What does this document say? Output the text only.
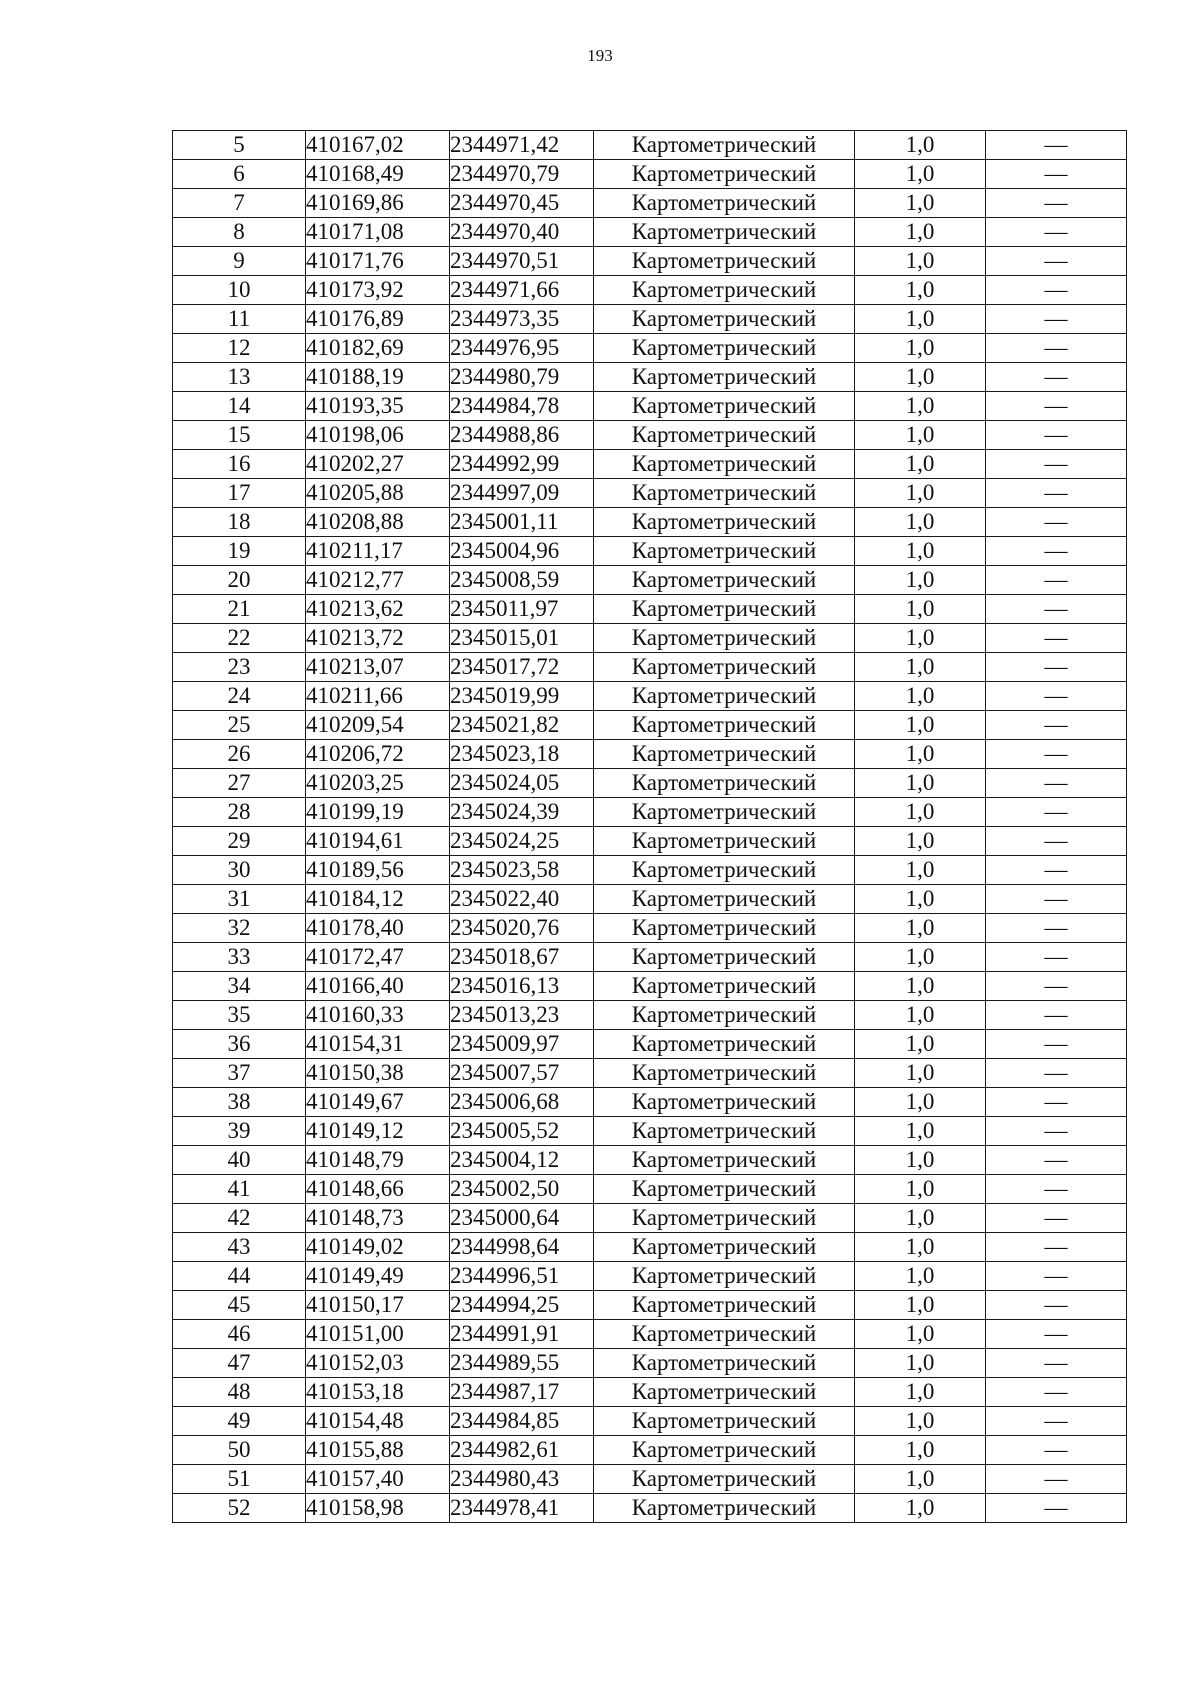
193
5	410167,02	2344971,42	Картометрический	1,0	—
6	410168,49	2344970,79	Картометрический	1,0	—
7	410169,86	2344970,45	Картометрический	1,0	—
8	410171,08	2344970,40	Картометрический	1,0	—
9	410171,76	2344970,51	Картометрический	1,0	—
10	410173,92	2344971,66	Картометрический	1,0	—
11	410176,89	2344973,35	Картометрический	1,0	—
12	410182,69	2344976,95	Картометрический	1,0	—
13	410188,19	2344980,79	Картометрический	1,0	—
14	410193,35	2344984,78	Картометрический	1,0	—
15	410198,06	2344988,86	Картометрический	1,0	—
16	410202,27	2344992,99	Картометрический	1,0	—
17	410205,88	2344997,09	Картометрический	1,0	—
18	410208,88	2345001,11	Картометрический	1,0	—
19	410211,17	2345004,96	Картометрический	1,0	—
20	410212,77	2345008,59	Картометрический	1,0	—
21	410213,62	2345011,97	Картометрический	1,0	—
22	410213,72	2345015,01	Картометрический	1,0	—
23	410213,07	2345017,72	Картометрический	1,0	—
24	410211,66	2345019,99	Картометрический	1,0	—
25	410209,54	2345021,82	Картометрический	1,0	—
26	410206,72	2345023,18	Картометрический	1,0	—
27	410203,25	2345024,05	Картометрический	1,0	—
28	410199,19	2345024,39	Картометрический	1,0	—
29	410194,61	2345024,25	Картометрический	1,0	—
30	410189,56	2345023,58	Картометрический	1,0	—
31	410184,12	2345022,40	Картометрический	1,0	—
32	410178,40	2345020,76	Картометрический	1,0	—
33	410172,47	2345018,67	Картометрический	1,0	—
34	410166,40	2345016,13	Картометрический	1,0	—
35	410160,33	2345013,23	Картометрический	1,0	—
36	410154,31	2345009,97	Картометрический	1,0	—
37	410150,38	2345007,57	Картометрический	1,0	—
38	410149,67	2345006,68	Картометрический	1,0	—
39	410149,12	2345005,52	Картометрический	1,0	—
40	410148,79	2345004,12	Картометрический	1,0	—
41	410148,66	2345002,50	Картометрический	1,0	—
42	410148,73	2345000,64	Картометрический	1,0	—
43	410149,02	2344998,64	Картометрический	1,0	—
44	410149,49	2344996,51	Картометрический	1,0	—
45	410150,17	2344994,25	Картометрический	1,0	—
46	410151,00	2344991,91	Картометрический	1,0	—
47	410152,03	2344989,55	Картометрический	1,0	—
48	410153,18	2344987,17	Картометрический	1,0	—
49	410154,48	2344984,85	Картометрический	1,0	—
50	410155,88	2344982,61	Картометрический	1,0	—
51	410157,40	2344980,43	Картометрический	1,0	—
52	410158,98	2344978,41	Картометрический	1,0	—
